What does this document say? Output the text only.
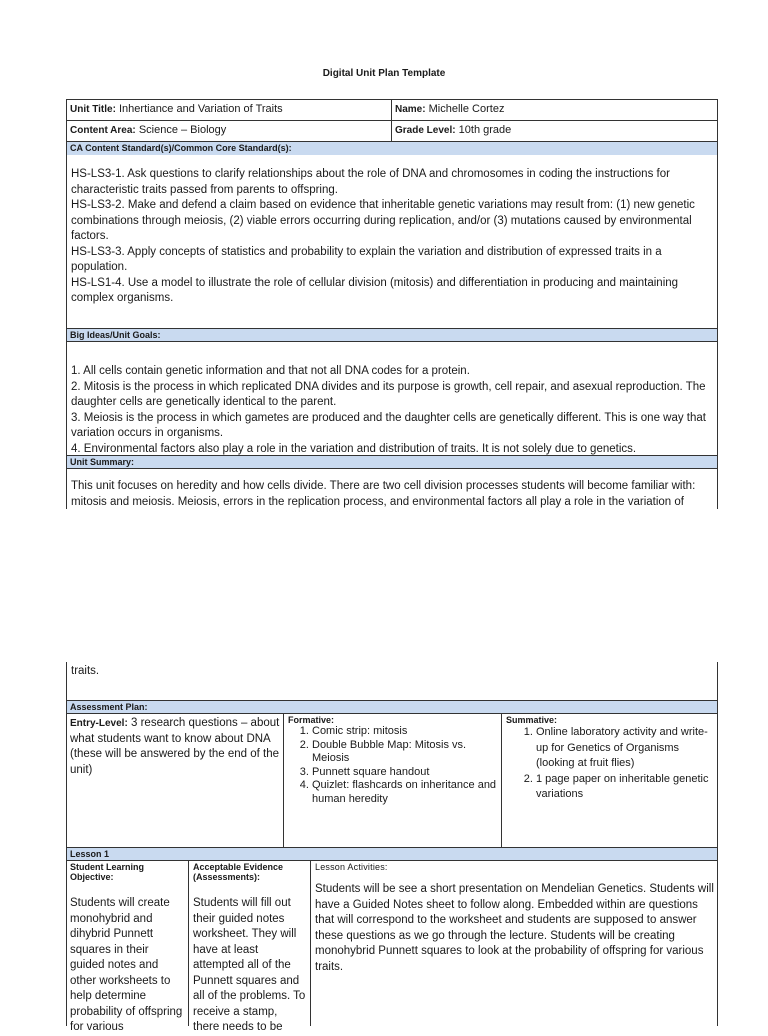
Digital Unit Plan Template
Unit Title: Inhertiance and Variation of Traits	Name: Michelle Cortez
Content Area: Science – Biology	Grade Level: 10th grade
CA Content Standard(s)/Common Core Standard(s):
HS-LS3-1. Ask questions to clarify relationships about the role of DNA and chromosomes in coding the instructions for characteristic traits passed from parents to offspring.
HS-LS3-2. Make and defend a claim based on evidence that inheritable genetic variations may result from: (1) new genetic combinations through meiosis, (2) viable errors occurring during replication, and/or (3) mutations caused by environmental factors.
HS-LS3-3. Apply concepts of statistics and probability to explain the variation and distribution of expressed traits in a population.
HS-LS1-4. Use a model to illustrate the role of cellular division (mitosis) and differentiation in producing and maintaining complex organisms.
Big Ideas/Unit Goals:
1. All cells contain genetic information and that not all DNA codes for a protein.
2. Mitosis is the process in which replicated DNA divides and its purpose is growth, cell repair, and asexual reproduction. The daughter cells are genetically identical to the parent.
3. Meiosis is the process in which gametes are produced and the daughter cells are genetically different. This is one way that variation occurs in organisms.
4. Environmental factors also play a role in the variation and distribution of traits. It is not solely due to genetics.
Unit Summary:
This unit focuses on heredity and how cells divide. There are two cell division processes students will become familiar with: mitosis and meiosis. Meiosis, errors in the replication process, and environmental factors all play a role in the variation of
traits.
Assessment Plan:
Entry-Level: 3 research questions – about what students want to know about DNA (these will be answered by the end of the unit)
Formative:
1. Comic strip: mitosis
2. Double Bubble Map: Mitosis vs. Meiosis
3. Punnett square handout
4. Quizlet: flashcards on inheritance and human heredity
Summative:
1. Online laboratory activity and write-up for Genetics of Organisms (looking at fruit flies)
2. 1 page paper on inheritable genetic variations
Lesson 1
Student Learning Objective:
Students will create monohybrid and dihybrid Punnett squares in their guided notes and other worksheets to help determine probability of offspring for various
Acceptable Evidence (Assessments):
Students will fill out their guided notes worksheet. They will have at least attempted all of the Punnett squares and all of the problems. To receive a stamp, there needs to be
Lesson Activities:
Students will be see a short presentation on Mendelian Genetics. Students will have a Guided Notes sheet to follow along. Embedded within are questions that will correspond to the worksheet and students are supposed to answer these questions as we go through the lecture. Students will be creating monohybrid Punnett squares to look at the probability of offspring for various traits.
